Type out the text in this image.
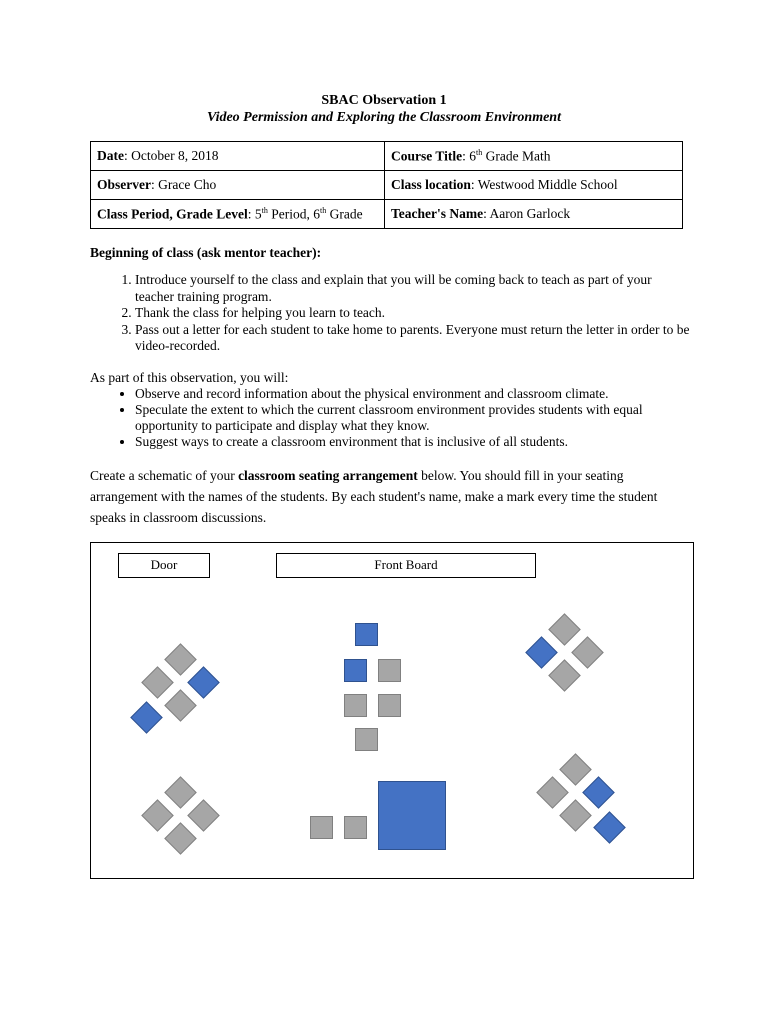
SBAC Observation 1
Video Permission and Exploring the Classroom Environment
Date: October 8, 2018	Course Title: 6th Grade Math
Observer: Grace Cho	Class location: Westwood Middle School
Class Period, Grade Level: 5th Period, 6th Grade	Teacher's Name: Aaron Garlock
Beginning of class (ask mentor teacher):
1. Introduce yourself to the class and explain that you will be coming back to teach as part of your teacher training program.
2. Thank the class for helping you learn to teach.
3. Pass out a letter for each student to take home to parents. Everyone must return the letter in order to be video-recorded.
As part of this observation, you will:
• Observe and record information about the physical environment and classroom climate.
• Speculate the extent to which the current classroom environment provides students with equal opportunity to participate and display what they know.
• Suggest ways to create a classroom environment that is inclusive of all students.
Create a schematic of your classroom seating arrangement below. You should fill in your seating arrangement with the names of the students. By each student's name, make a mark every time the student speaks in classroom discussions.
Door	Front Board
